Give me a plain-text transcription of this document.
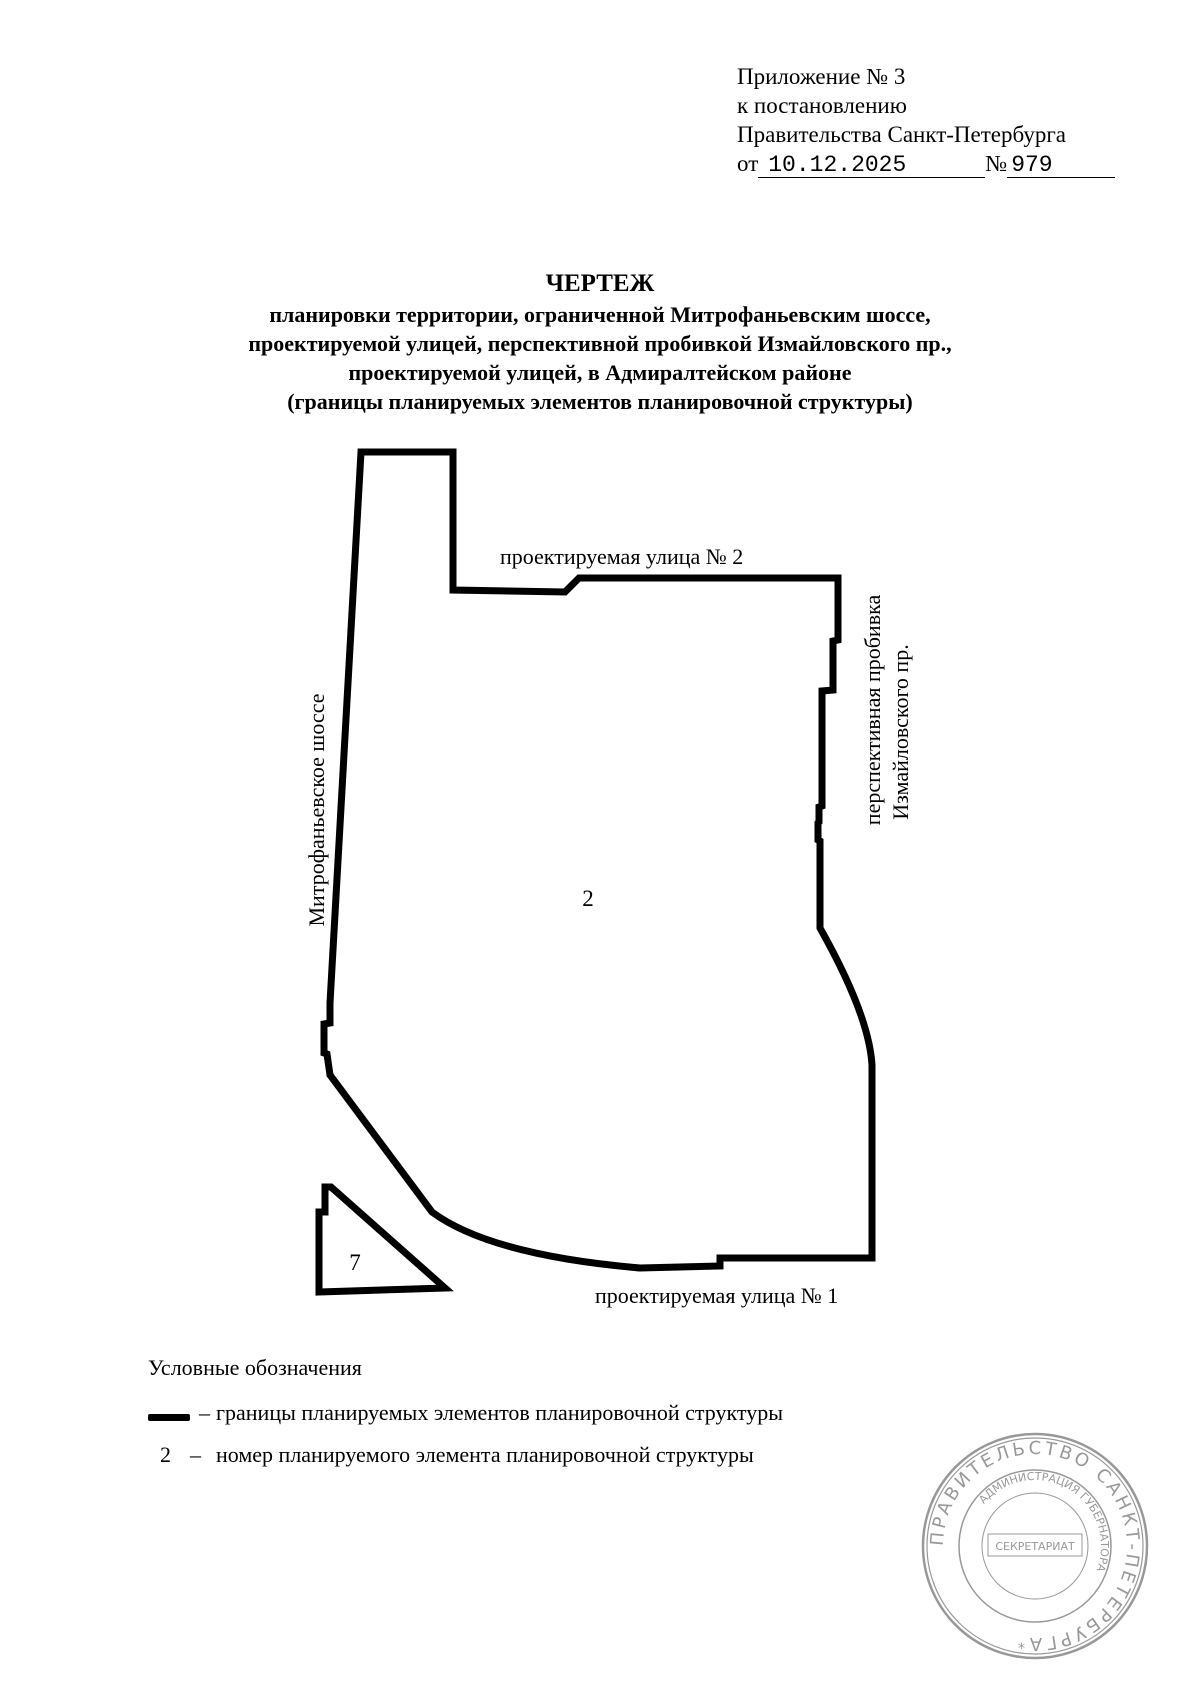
Приложение № 3
к постановлению
Правительства Санкт-Петербурга
от 10.12.2025	№ 979
ЧЕРТЕЖ
планировки территории, ограниченной Митрофаньевским шоссе,
проектируемой улицей, перспективной пробивкой Измайловского пр.,
проектируемой улицей, в Адмиралтейском районе
(границы планируемых элементов планировочной структуры)
2
7
проектируемая улица № 2
проектируемая улица № 1
Митрофаньевское шоссе	перспективная пробивка Измайловского пр.
Условные обозначения
– границы планируемых элементов планировочной структуры
2 – номер планируемого элемента планировочной структуры
ПРАВИТЕЛЬСТВО САНКТ-ПЕТЕРБУРГА
АДМИНИСТРАЦИЯ ГУБЕРНАТОРА
СЕКРЕТАРИАТ
*
